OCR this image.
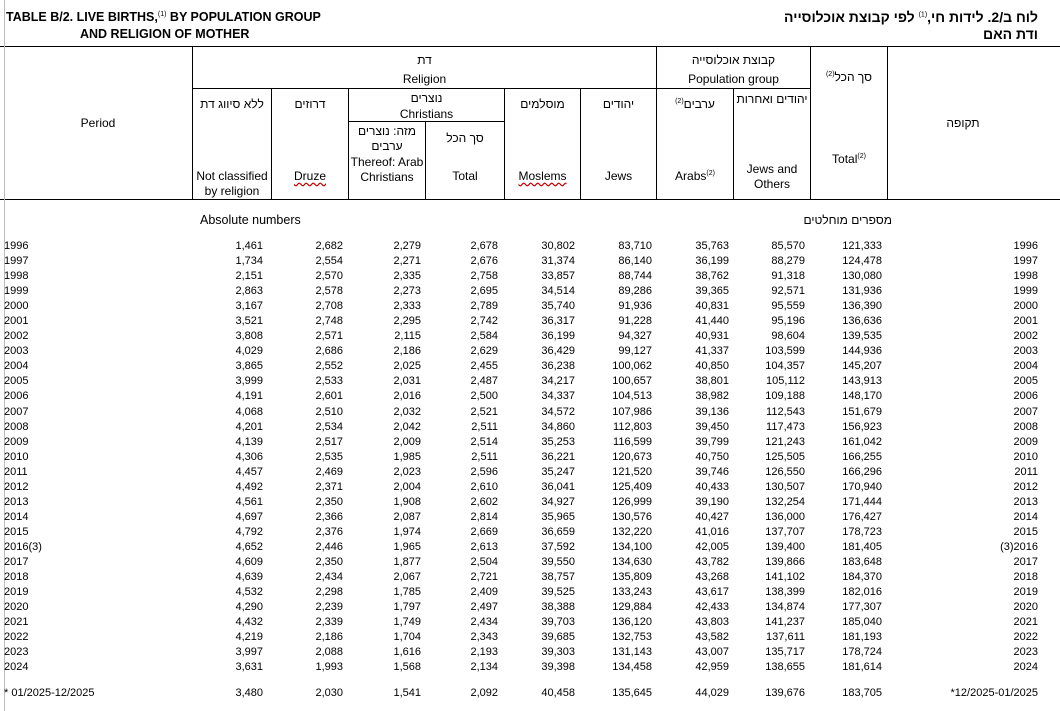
TABLE B/2. LIVE BIRTHS,$^{(1)}$ BY POPULATION GROUP
AND RELIGION OF MOTHER
לוח ב/2. לידות חי,$^{(1)}$ לפי קבוצת אוכלוסייה
ודת האם
Period	תקופה
דת
Religion
קבוצת אוכלוסייה
Population group	סך הכל$^{(2)}$
Total$^{(2)}$
יהודים ואחרות
Jews and Others
ערבים$^{(2)}$
Arabs$^{(2)}$
יהודים
Jews
מוסלמים
Moslems
נוצרים
Christians
סך הכל
Total
מזה: נוצרים ערבים
Thereof: Arab Christians
דרוזים
Druze
ללא סיווג דת
Not classified by religion
Absolute numbers	מספרים מוחלטים
1996	1,461	2,682	2,279	2,678	30,802	83,710	35,763	85,570	121,333	1996
1997	1,734	2,554	2,271	2,676	31,374	86,140	36,199	88,279	124,478	1997
1998	2,151	2,570	2,335	2,758	33,857	88,744	38,762	91,318	130,080	1998
1999	2,863	2,578	2,273	2,695	34,514	89,286	39,365	92,571	131,936	1999
2000	3,167	2,708	2,333	2,789	35,740	91,936	40,831	95,559	136,390	2000
2001	3,521	2,748	2,295	2,742	36,317	91,228	41,440	95,196	136,636	2001
2002	3,808	2,571	2,115	2,584	36,199	94,327	40,931	98,604	139,535	2002
2003	4,029	2,686	2,186	2,629	36,429	99,127	41,337	103,599	144,936	2003
2004	3,865	2,552	2,025	2,455	36,238	100,062	40,850	104,357	145,207	2004
2005	3,999	2,533	2,031	2,487	34,217	100,657	38,801	105,112	143,913	2005
2006	4,191	2,601	2,016	2,500	34,337	104,513	38,982	109,188	148,170	2006
2007	4,068	2,510	2,032	2,521	34,572	107,986	39,136	112,543	151,679	2007
2008	4,201	2,534	2,042	2,511	34,860	112,803	39,450	117,473	156,923	2008
2009	4,139	2,517	2,009	2,514	35,253	116,599	39,799	121,243	161,042	2009
2010	4,306	2,535	1,985	2,511	36,221	120,673	40,750	125,505	166,255	2010
2011	4,457	2,469	2,023	2,596	35,247	121,520	39,746	126,550	166,296	2011
2012	4,492	2,371	2,004	2,610	36,041	125,409	40,433	130,507	170,940	2012
2013	4,561	2,350	1,908	2,602	34,927	126,999	39,190	132,254	171,444	2013
2014	4,697	2,366	2,087	2,814	35,965	130,576	40,427	136,000	176,427	2014
2015	4,792	2,376	1,974	2,669	36,659	132,220	41,016	137,707	178,723	2015
2016(3)	4,652	2,446	1,965	2,613	37,592	134,100	42,005	139,400	181,405	(3)2016
2017	4,609	2,350	1,877	2,504	39,550	134,630	43,782	139,866	183,648	2017
2018	4,639	2,434	2,067	2,721	38,757	135,809	43,268	141,102	184,370	2018
2019	4,532	2,298	1,785	2,409	39,525	133,243	43,617	138,399	182,016	2019
2020	4,290	2,239	1,797	2,497	38,388	129,884	42,433	134,874	177,307	2020
2021	4,432	2,339	1,749	2,434	39,703	136,120	43,803	141,237	185,040	2021
2022	4,219	2,186	1,704	2,343	39,685	132,753	43,582	137,611	181,193	2022
2023	3,997	2,088	1,616	2,193	39,303	131,143	43,007	135,717	178,724	2023
2024	3,631	1,993	1,568	2,134	39,398	134,458	42,959	138,655	181,614	2024
* 01/2025-12/2025	3,480	2,030	1,541	2,092	40,458	135,645	44,029	139,676	183,705	*12/2025-01/2025
